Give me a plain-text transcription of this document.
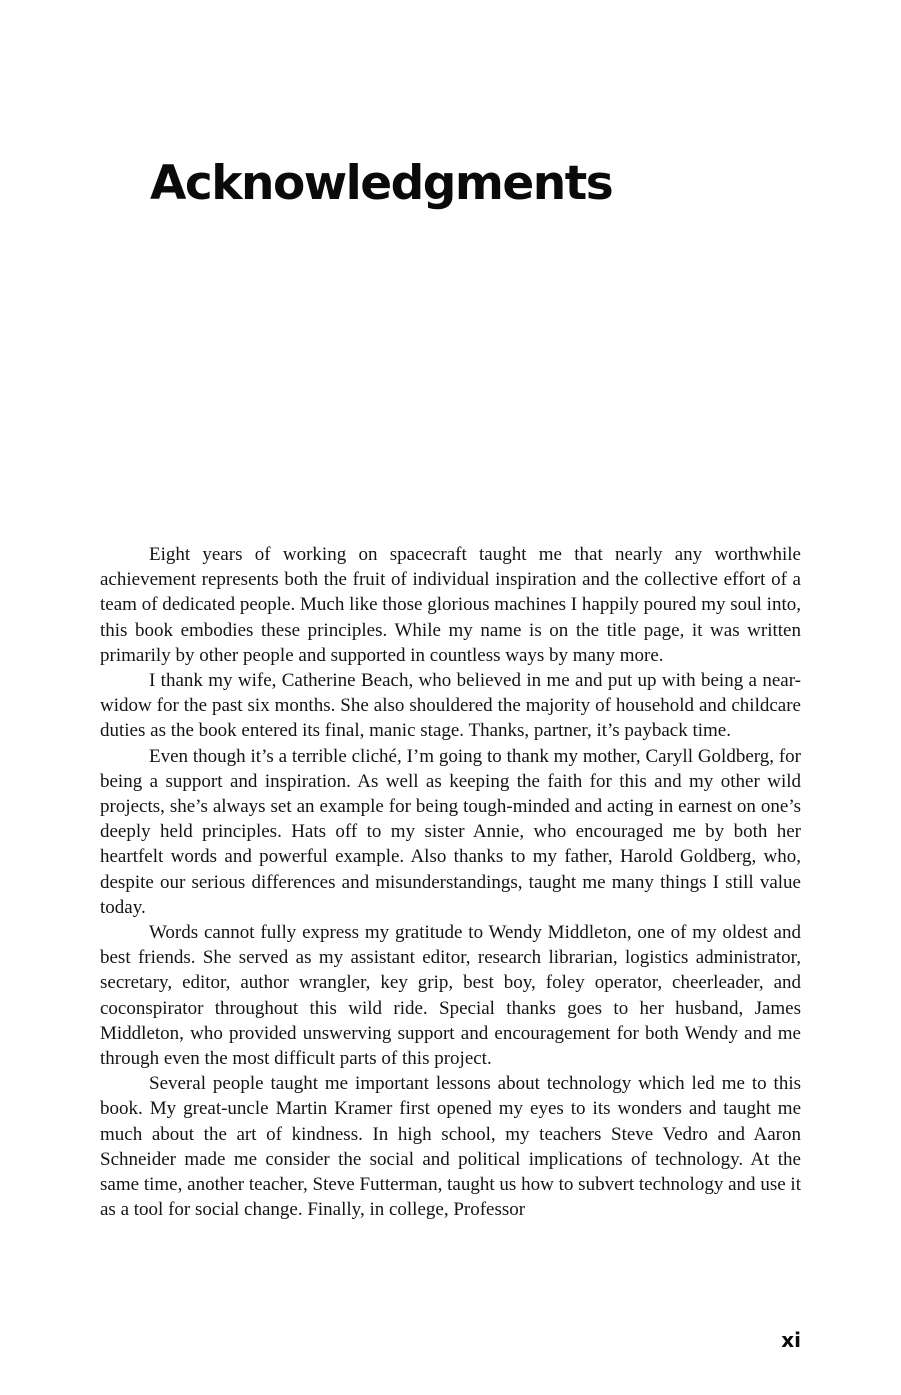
Acknowledgments

Eight years of working on spacecraft taught me that nearly any worthwhile achievement represents both the fruit of individual inspiration and the collective effort of a team of dedicated people. Much like those glorious machines I happily poured my soul into, this book embodies these principles. While my name is on the title page, it was written primarily by other people and supported in countless ways by many more.

I thank my wife, Catherine Beach, who believed in me and put up with being a near-widow for the past six months. She also shouldered the majority of household and childcare duties as the book entered its final, manic stage. Thanks, partner, it’s payback time.

Even though it’s a terrible cliché, I’m going to thank my mother, Caryll Goldberg, for being a support and inspiration. As well as keeping the faith for this and my other wild projects, she’s always set an example for being tough-minded and acting in earnest on one’s deeply held principles. Hats off to my sister Annie, who encouraged me by both her heartfelt words and powerful example. Also thanks to my father, Harold Goldberg, who, despite our serious differences and misunderstandings, taught me many things I still value today.

Words cannot fully express my gratitude to Wendy Middleton, one of my oldest and best friends. She served as my assistant editor, research librarian, logistics administrator, secretary, editor, author wrangler, key grip, best boy, foley operator, cheerleader, and coconspirator throughout this wild ride. Special thanks goes to her husband, James Middleton, who provided unswerving support and encouragement for both Wendy and me through even the most difficult parts of this project.

Several people taught me important lessons about technology which led me to this book. My great-uncle Martin Kramer first opened my eyes to its wonders and taught me much about the art of kindness. In high school, my teachers Steve Vedro and Aaron Schneider made me consider the social and political implications of technology. At the same time, another teacher, Steve Futterman, taught us how to subvert technology and use it as a tool for social change. Finally, in college, Professor

xi
